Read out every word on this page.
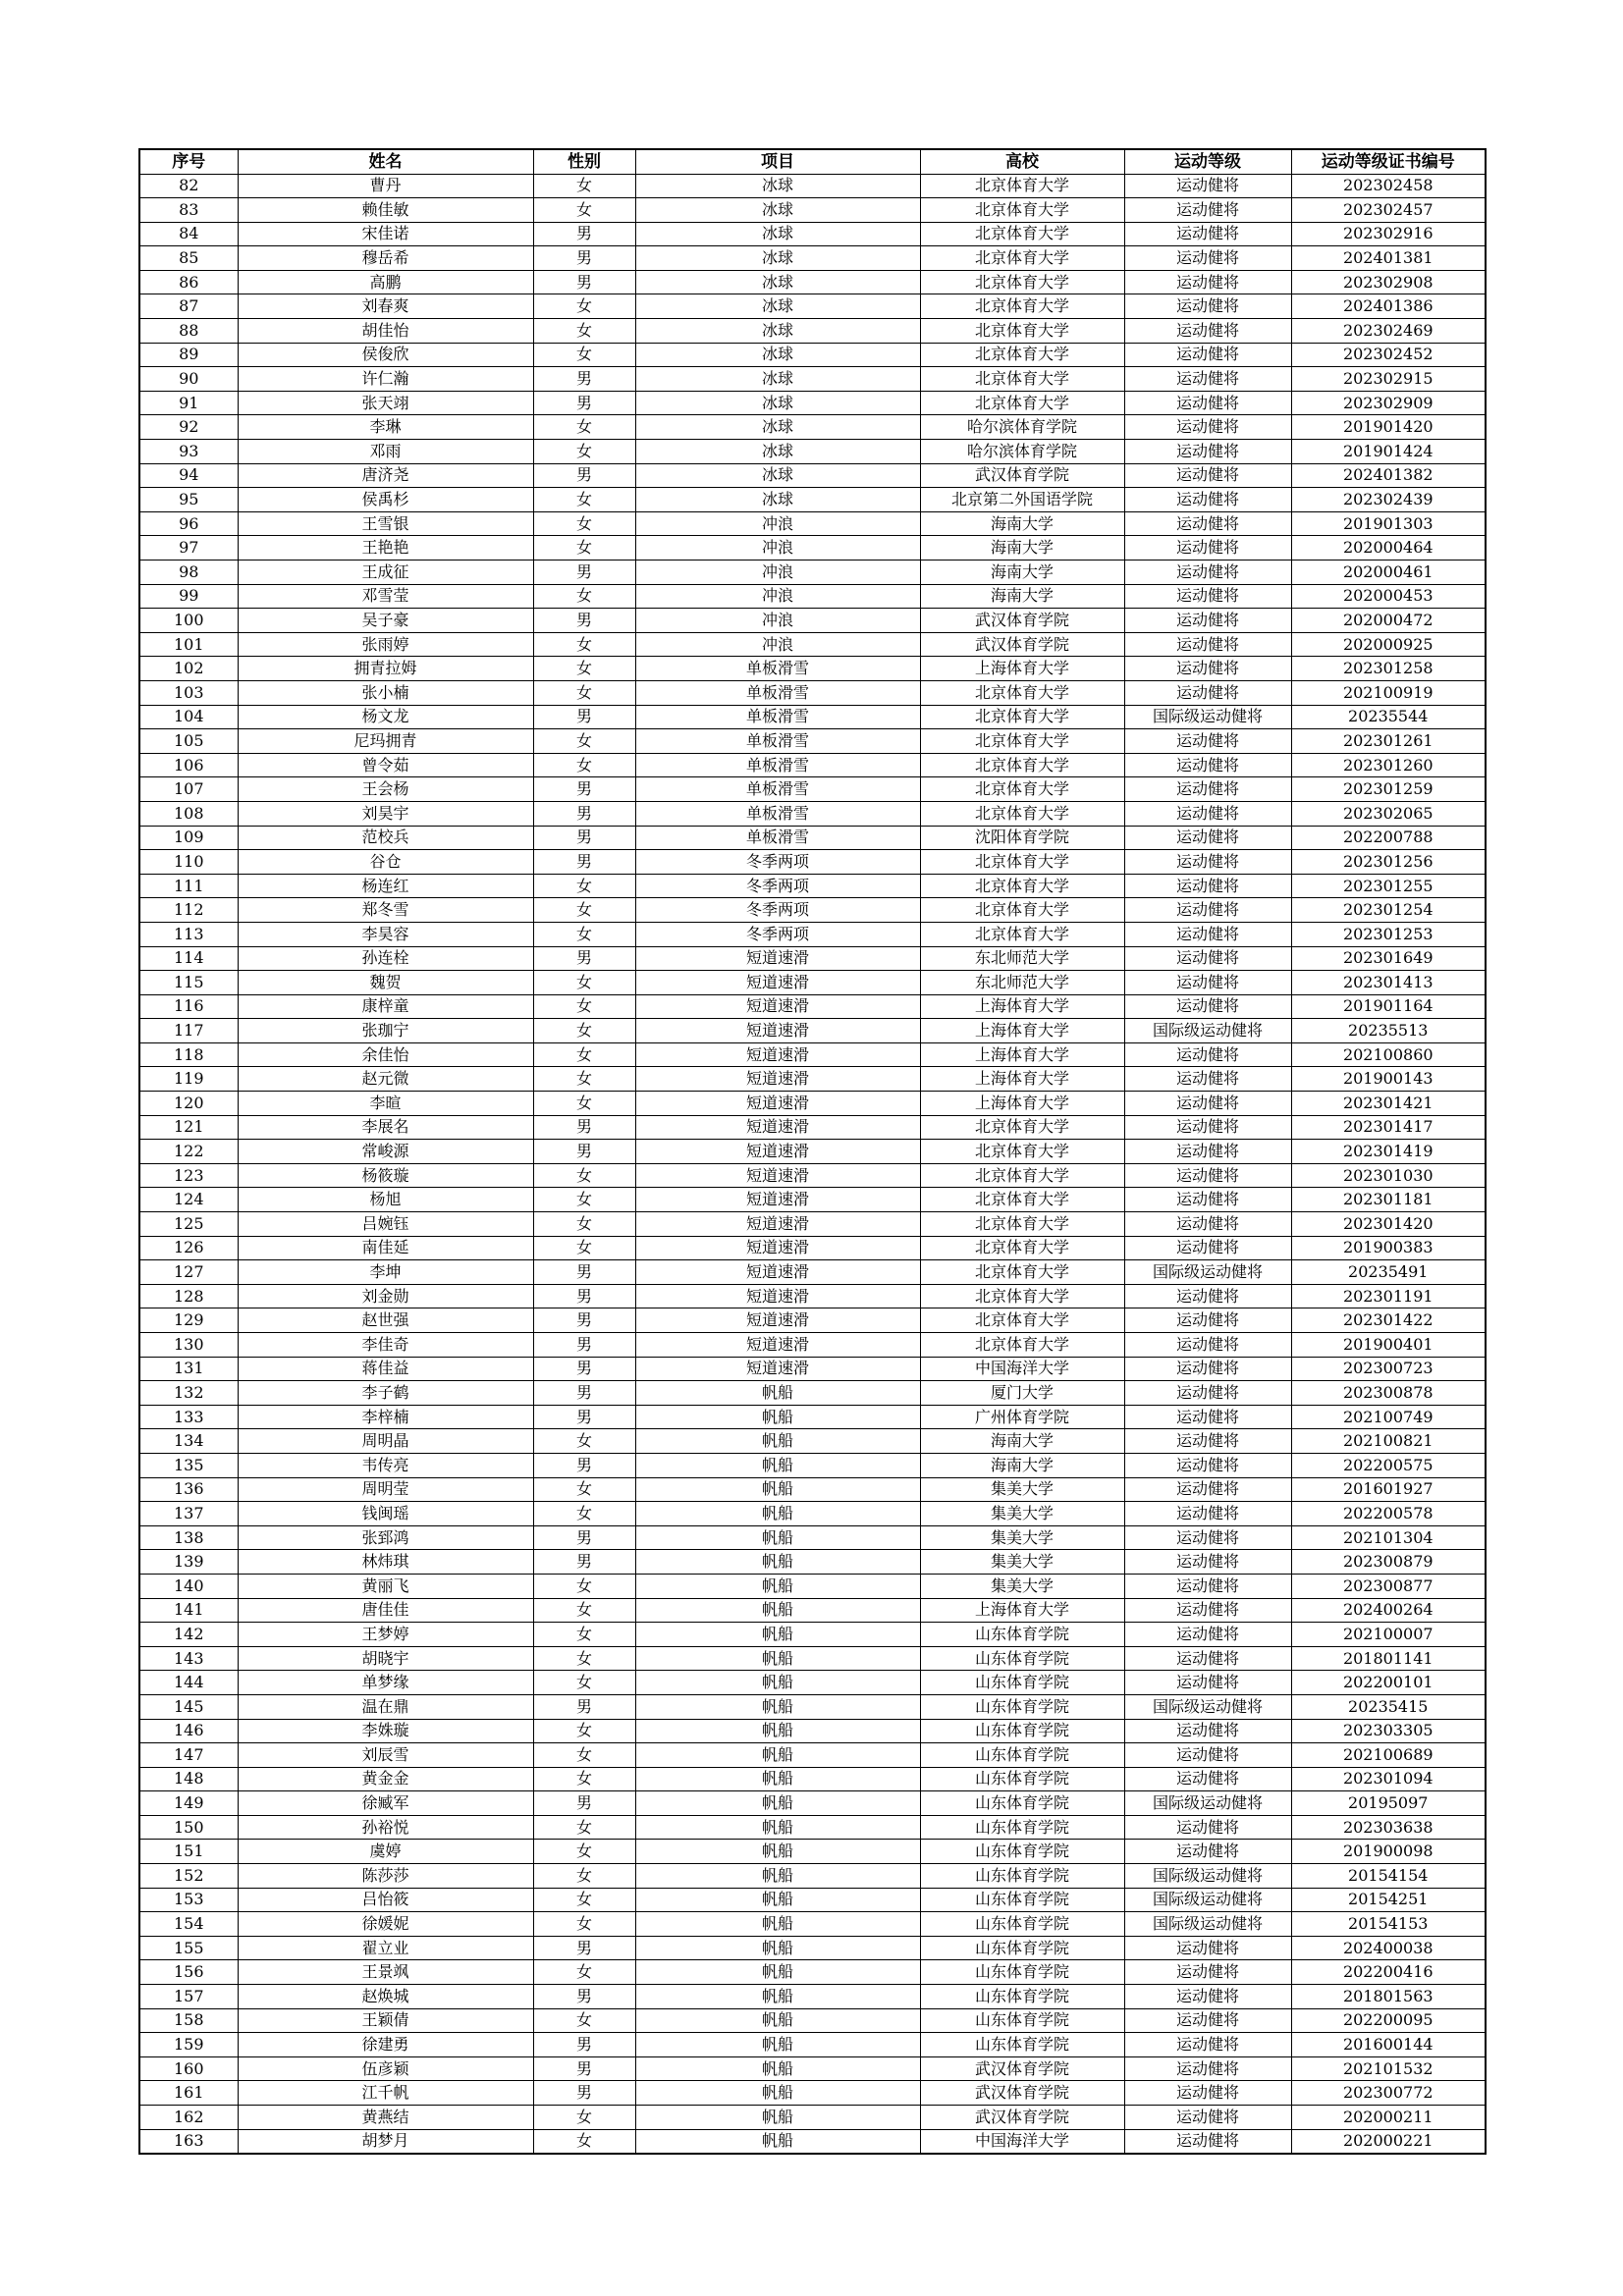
序号	姓名	性别	项目	高校	运动等级	运动等级证书编号
82	曹丹	女	冰球	北京体育大学	运动健将	202302458
83	赖佳敏	女	冰球	北京体育大学	运动健将	202302457
84	宋佳诺	男	冰球	北京体育大学	运动健将	202302916
85	穆岳希	男	冰球	北京体育大学	运动健将	202401381
86	高鹏	男	冰球	北京体育大学	运动健将	202302908
87	刘春爽	女	冰球	北京体育大学	运动健将	202401386
88	胡佳怡	女	冰球	北京体育大学	运动健将	202302469
89	侯俊欣	女	冰球	北京体育大学	运动健将	202302452
90	许仁瀚	男	冰球	北京体育大学	运动健将	202302915
91	张天翊	男	冰球	北京体育大学	运动健将	202302909
92	李琳	女	冰球	哈尔滨体育学院	运动健将	201901420
93	邓雨	女	冰球	哈尔滨体育学院	运动健将	201901424
94	唐济尧	男	冰球	武汉体育学院	运动健将	202401382
95	侯禹杉	女	冰球	北京第二外国语学院	运动健将	202302439
96	王雪银	女	冲浪	海南大学	运动健将	201901303
97	王艳艳	女	冲浪	海南大学	运动健将	202000464
98	王成征	男	冲浪	海南大学	运动健将	202000461
99	邓雪莹	女	冲浪	海南大学	运动健将	202000453
100	吴子豪	男	冲浪	武汉体育学院	运动健将	202000472
101	张雨婷	女	冲浪	武汉体育学院	运动健将	202000925
102	拥青拉姆	女	单板滑雪	上海体育大学	运动健将	202301258
103	张小楠	女	单板滑雪	北京体育大学	运动健将	202100919
104	杨文龙	男	单板滑雪	北京体育大学	国际级运动健将	20235544
105	尼玛拥青	女	单板滑雪	北京体育大学	运动健将	202301261
106	曾令茹	女	单板滑雪	北京体育大学	运动健将	202301260
107	王会杨	男	单板滑雪	北京体育大学	运动健将	202301259
108	刘昊宇	男	单板滑雪	北京体育大学	运动健将	202302065
109	范校兵	男	单板滑雪	沈阳体育学院	运动健将	202200788
110	谷仓	男	冬季两项	北京体育大学	运动健将	202301256
111	杨连红	女	冬季两项	北京体育大学	运动健将	202301255
112	郑冬雪	女	冬季两项	北京体育大学	运动健将	202301254
113	李昊容	女	冬季两项	北京体育大学	运动健将	202301253
114	孙连栓	男	短道速滑	东北师范大学	运动健将	202301649
115	魏贺	女	短道速滑	东北师范大学	运动健将	202301413
116	康梓童	女	短道速滑	上海体育大学	运动健将	201901164
117	张珈宁	女	短道速滑	上海体育大学	国际级运动健将	20235513
118	余佳怡	女	短道速滑	上海体育大学	运动健将	202100860
119	赵元微	女	短道速滑	上海体育大学	运动健将	201900143
120	李暄	女	短道速滑	上海体育大学	运动健将	202301421
121	李展名	男	短道速滑	北京体育大学	运动健将	202301417
122	常峻源	男	短道速滑	北京体育大学	运动健将	202301419
123	杨筱璇	女	短道速滑	北京体育大学	运动健将	202301030
124	杨旭	女	短道速滑	北京体育大学	运动健将	202301181
125	吕婉钰	女	短道速滑	北京体育大学	运动健将	202301420
126	南佳延	女	短道速滑	北京体育大学	运动健将	201900383
127	李坤	男	短道速滑	北京体育大学	国际级运动健将	20235491
128	刘金勋	男	短道速滑	北京体育大学	运动健将	202301191
129	赵世强	男	短道速滑	北京体育大学	运动健将	202301422
130	李佳奇	男	短道速滑	北京体育大学	运动健将	201900401
131	蒋佳益	男	短道速滑	中国海洋大学	运动健将	202300723
132	李子鹤	男	帆船	厦门大学	运动健将	202300878
133	李梓楠	男	帆船	广州体育学院	运动健将	202100749
134	周明晶	女	帆船	海南大学	运动健将	202100821
135	韦传亮	男	帆船	海南大学	运动健将	202200575
136	周明莹	女	帆船	集美大学	运动健将	201601927
137	钱闽瑶	女	帆船	集美大学	运动健将	202200578
138	张郅鸿	男	帆船	集美大学	运动健将	202101304
139	林炜琪	男	帆船	集美大学	运动健将	202300879
140	黄丽飞	女	帆船	集美大学	运动健将	202300877
141	唐佳佳	女	帆船	上海体育大学	运动健将	202400264
142	王梦婷	女	帆船	山东体育学院	运动健将	202100007
143	胡晓宇	女	帆船	山东体育学院	运动健将	201801141
144	单梦缘	女	帆船	山东体育学院	运动健将	202200101
145	温在鼎	男	帆船	山东体育学院	国际级运动健将	20235415
146	李姝璇	女	帆船	山东体育学院	运动健将	202303305
147	刘辰雪	女	帆船	山东体育学院	运动健将	202100689
148	黄金金	女	帆船	山东体育学院	运动健将	202301094
149	徐臧军	男	帆船	山东体育学院	国际级运动健将	20195097
150	孙裕悦	女	帆船	山东体育学院	运动健将	202303638
151	虞婷	女	帆船	山东体育学院	运动健将	201900098
152	陈莎莎	女	帆船	山东体育学院	国际级运动健将	20154154
153	吕怡筱	女	帆船	山东体育学院	国际级运动健将	20154251
154	徐媛妮	女	帆船	山东体育学院	国际级运动健将	20154153
155	翟立业	男	帆船	山东体育学院	运动健将	202400038
156	王景飒	女	帆船	山东体育学院	运动健将	202200416
157	赵焕城	男	帆船	山东体育学院	运动健将	201801563
158	王颖倩	女	帆船	山东体育学院	运动健将	202200095
159	徐建勇	男	帆船	山东体育学院	运动健将	201600144
160	伍彦颖	男	帆船	武汉体育学院	运动健将	202101532
161	江千帆	男	帆船	武汉体育学院	运动健将	202300772
162	黄燕结	女	帆船	武汉体育学院	运动健将	202000211
163	胡梦月	女	帆船	中国海洋大学	运动健将	202000221
